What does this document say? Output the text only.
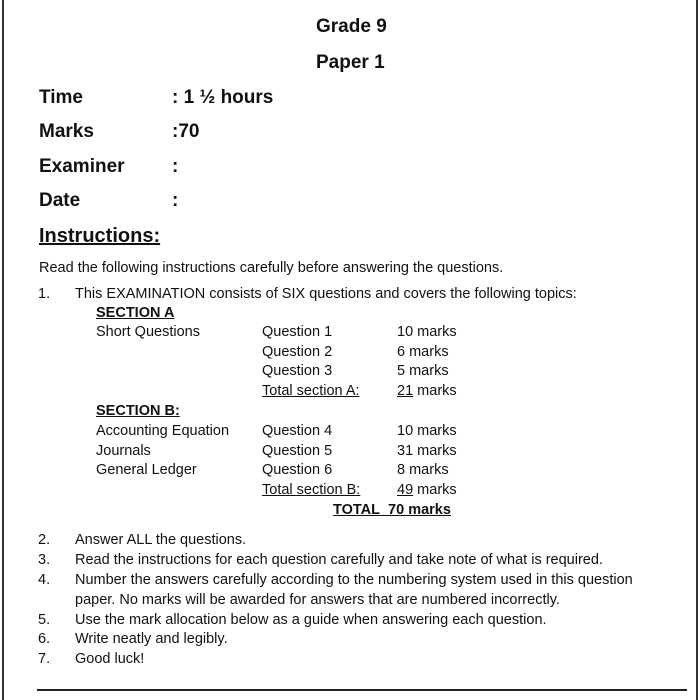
Grade 9
Paper 1
Time	: 1 ½ hours
Marks	:70
Examiner :
Date	:
Instructions:
Read the following instructions carefully before answering the questions.
1. This EXAMINATION consists of SIX questions and covers the following topics:
SECTION A
Short Questions	Question 1	10 marks
Question 2	6 marks
Question 3	5 marks
Total section A:	21 marks
SECTION B:
Accounting Equation Question 4	10 marks
Journals	Question 5	31 marks
General Ledger	Question 6	8 marks
Total section B:	49 marks
TOTAL 70 marks
2. Answer ALL the questions.
3. Read the instructions for each question carefully and take note of what is required.
4. Number the answers carefully according to the numbering system used in this question
paper. No marks will be awarded for answers that are numbered incorrectly.
5. Use the mark allocation below as a guide when answering each question.
6. Write neatly and legibly.
7. Good luck!
